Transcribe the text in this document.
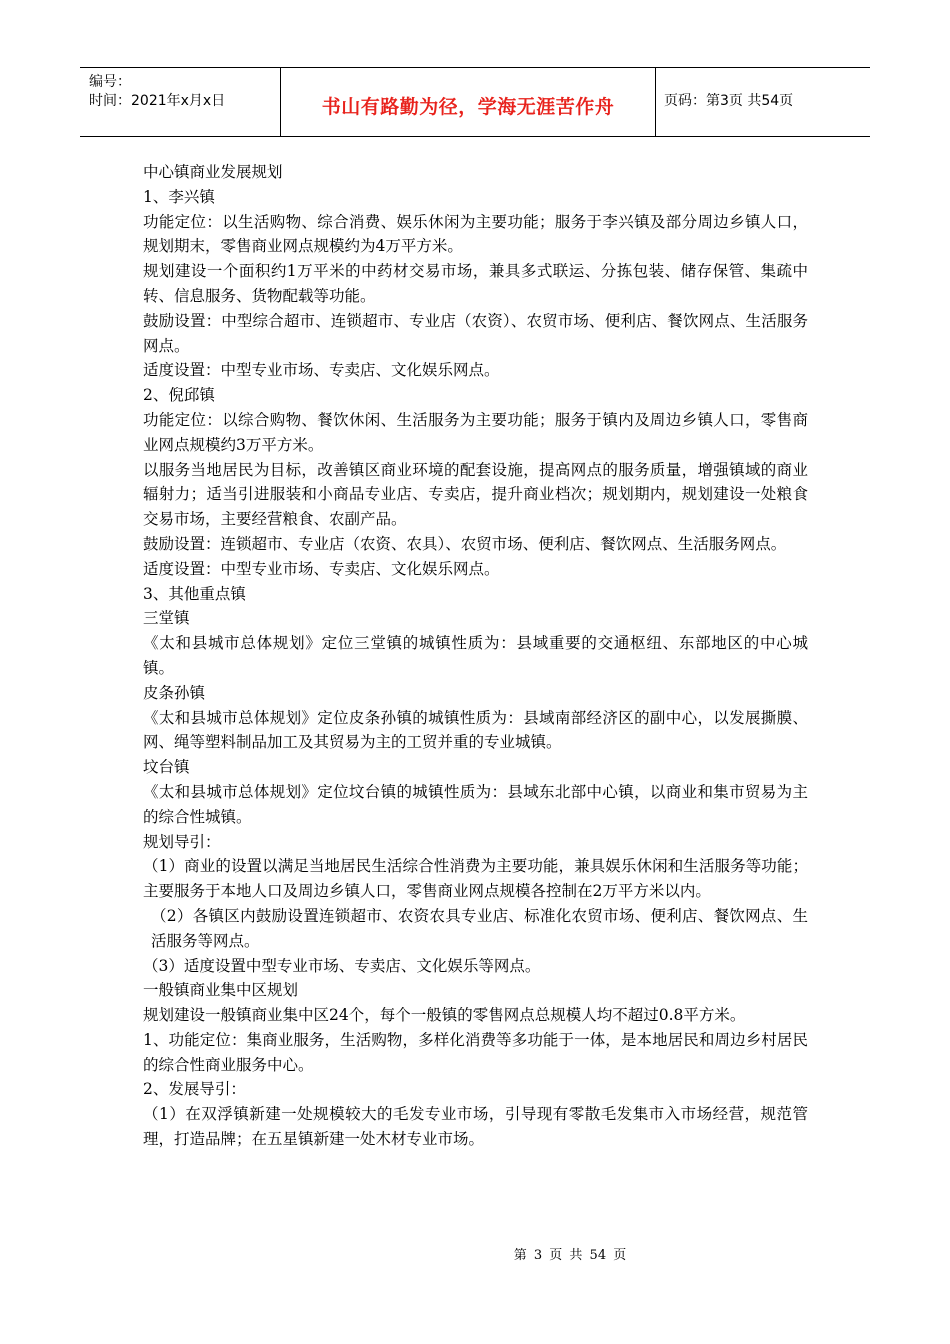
编号：
时间：2021年x月x日	书山有路勤为径，学海无涯苦作舟	页码：第3页 共54页

中心镇商业发展规划

1、李兴镇

功能定位：以生活购物、综合消费、娱乐休闲为主要功能；服务于李兴镇及部分周边乡镇人口，规划期末，零售商业网点规模约为4万平方米。

规划建设一个面积约1万平米的中药材交易市场，兼具多式联运、分拣包装、储存保管、集疏中转、信息服务、货物配载等功能。

鼓励设置：中型综合超市、连锁超市、专业店（农资）、农贸市场、便利店、餐饮网点、生活服务网点。

适度设置：中型专业市场、专卖店、文化娱乐网点。

2、倪邱镇

功能定位：以综合购物、餐饮休闲、生活服务为主要功能；服务于镇内及周边乡镇人口，零售商业网点规模约3万平方米。

以服务当地居民为目标，改善镇区商业环境的配套设施，提高网点的服务质量，增强镇域的商业辐射力；适当引进服装和小商品专业店、专卖店，提升商业档次；规划期内，规划建设一处粮食交易市场，主要经营粮食、农副产品。

鼓励设置：连锁超市、专业店（农资、农具）、农贸市场、便利店、餐饮网点、生活服务网点。

适度设置：中型专业市场、专卖店、文化娱乐网点。

3、其他重点镇

三堂镇

《太和县城市总体规划》定位三堂镇的城镇性质为：县域重要的交通枢纽、东部地区的中心城镇。

皮条孙镇

《太和县城市总体规划》定位皮条孙镇的城镇性质为：县域南部经济区的副中心，以发展撕膜、网、绳等塑料制品加工及其贸易为主的工贸并重的专业城镇。

坟台镇

《太和县城市总体规划》定位坟台镇的城镇性质为：县域东北部中心镇，以商业和集市贸易为主的综合性城镇。

规划导引：

（1）商业的设置以满足当地居民生活综合性消费为主要功能，兼具娱乐休闲和生活服务等功能；主要服务于本地人口及周边乡镇人口，零售商业网点规模各控制在2万平方米以内。

（2）各镇区内鼓励设置连锁超市、农资农具专业店、标准化农贸市场、便利店、餐饮网点、生活服务等网点。

（3）适度设置中型专业市场、专卖店、文化娱乐等网点。

一般镇商业集中区规划

规划建设一般镇商业集中区24个，每个一般镇的零售网点总规模人均不超过0.8平方米。

1、功能定位：集商业服务，生活购物，多样化消费等多功能于一体，是本地居民和周边乡村居民的综合性商业服务中心。

2、发展导引：

（1）在双浮镇新建一处规模较大的毛发专业市场，引导现有零散毛发集市入市场经营，规范管理，打造品牌；在五星镇新建一处木材专业市场。

第 3 页 共 54 页
